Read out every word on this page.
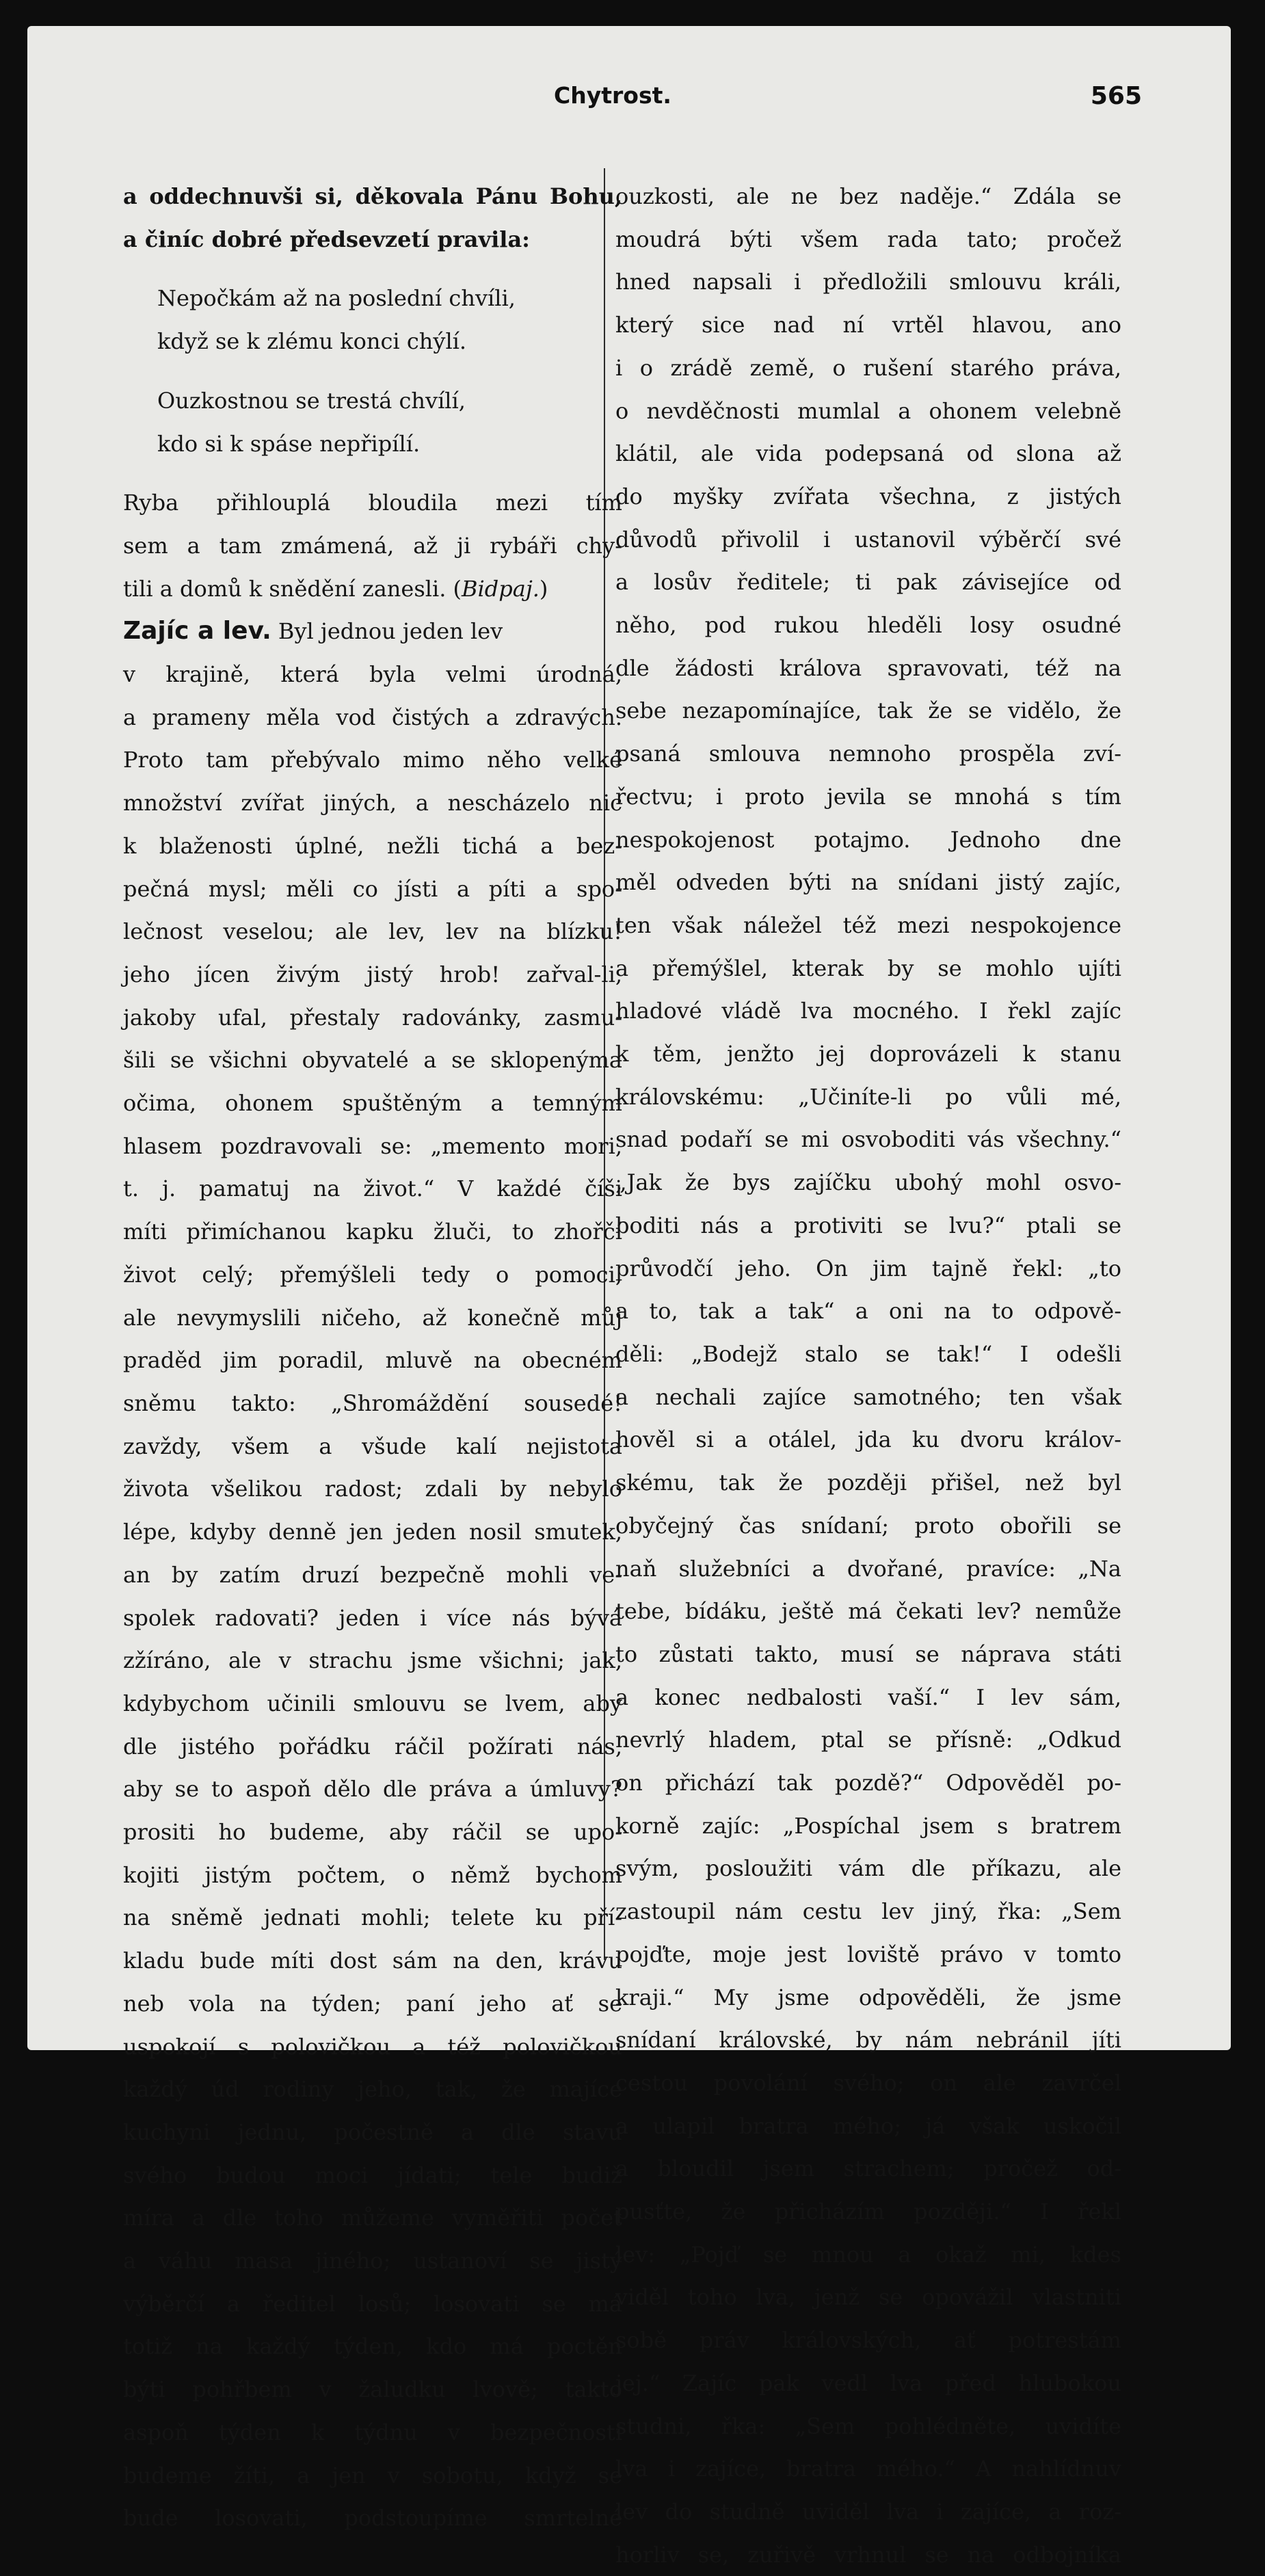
Chytrost.	565
a oddechnuvši si, děkovala Pánu Bohu,
a činíc dobré předsevzetí pravila:
Nepočkám až na poslední chvíli,
když se k zlému konci chýlí.
Ouzkostnou se trestá chvílí,
kdo si k spáse nepřipílí.
Ryba přihlouplá bloudila mezi tím
sem a tam zmámená, až ji rybáři chy-
tili a domů k snědění zanesli. (Bidpaj.)
Zajíc a lev. Byl jednou jeden lev
v krajině, která byla velmi úrodná,
a prameny měla vod čistých a zdravých.
Proto tam přebývalo mimo něho velké
množství zvířat jiných, a nescházelo nic
k blaženosti úplné, nežli tichá a bez-
pečná mysl; měli co jísti a píti a spo-
lečnost veselou; ale lev, lev na blízku!
jeho jícen živým jistý hrob! zařval-li,
jakoby ufal, přestaly radovánky, zasmu-
šili se všichni obyvatelé a se sklopenýma
očima, ohonem spuštěným a temným
hlasem pozdravovali se: „memento mori,
t. j. pamatuj na život.“ V každé číši
míti přimíchanou kapku žluči, to zhořčí
život celý; přemýšleli tedy o pomoci,
ale nevymyslili ničeho, až konečně můj
praděd jim poradil, mluvě na obecném
sněmu takto: „Shromáždění sousedé!
zavždy, všem a všude kalí nejistota
života všelikou radost; zdali by nebylo
lépe, kdyby denně jen jeden nosil smutek,
an by zatím druzí bezpečně mohli ve-
spolek radovati? jeden i více nás bývá
zžíráno, ale v strachu jsme všichni; jak,
kdybychom učinili smlouvu se lvem, aby
dle jistého pořádku ráčil požírati nás,
aby se to aspoň dělo dle práva a úmluvy?
prositi ho budeme, aby ráčil se upo-
kojiti jistým počtem, o němž bychom
na sněmě jednati mohli; telete ku pří-
kladu bude míti dost sám na den, krávu
neb vola na týden; paní jeho ať se
uspokojí s polovičkou a též polovičkou
každý úd rodiny jeho, tak, že majíce
kuchyni jednu, počestně a dle stavu
svého budou moci jídati; tele budiž
míra a dle toho můžeme vyměřiti počet
a váhu masa jiného; ustanoví se jistý
výběrčí a ředitel losů; losovati se má
totiž na každý týden, kdo má poctěn
býti pohřbem v žaludku lvově; takto
aspoň týden k týdnu v bezpečnosti
budeme žíti, a jen v sobotu, když se
bude losovati, podstoupíme smrtelné
ouzkosti, ale ne bez naděje.“ Zdála se
moudrá býti všem rada tato; pročež
hned napsali i předložili smlouvu králi,
který sice nad ní vrtěl hlavou, ano
i o zrádě země, o rušení starého práva,
o nevděčnosti mumlal a ohonem velebně
klátil, ale vida podepsaná od slona až
do myšky zvířata všechna, z jistých
důvodů přivolil i ustanovil výběrčí své
a losův ředitele; ti pak závisejíce od
něho, pod rukou hleděli losy osudné
dle žádosti králova spravovati, též na
sebe nezapomínajíce, tak že se vidělo, že
psaná smlouva nemnoho prospěla zví-
řectvu; i proto jevila se mnohá s tím
nespokojenost potajmo. Jednoho dne
měl odveden býti na snídani jistý zajíc,
ten však náležel též mezi nespokojence
a přemýšlel, kterak by se mohlo ujíti
hladové vládě lva mocného. I řekl zajíc
k těm, jenžto jej doprovázeli k stanu
královskému: „Učiníte-li po vůli mé,
snad podaří se mi osvoboditi vás všechny.“
„Jak že bys zajíčku ubohý mohl osvo-
boditi nás a protiviti se lvu?“ ptali se
průvodčí jeho. On jim tajně řekl: „to
a to, tak a tak“ a oni na to odpově-
děli: „Bodejž stalo se tak!“ I odešli
a nechali zajíce samotného; ten však
hověl si a otálel, jda ku dvoru králov-
skému, tak že později přišel, než byl
obyčejný čas snídaní; proto obořili se
naň služebníci a dvořané, pravíce: „Na
tebe, bídáku, ještě má čekati lev? nemůže
to zůstati takto, musí se náprava státi
a konec nedbalosti vaší.“ I lev sám,
nevrlý hladem, ptal se přísně: „Odkud
on přichází tak pozdě?“ Odpověděl po-
korně zajíc: „Pospíchal jsem s bratrem
svým, posloužiti vám dle příkazu, ale
zastoupil nám cestu lev jiný, řka: „Sem
pojďte, moje jest loviště právo v tomto
kraji.“ My jsme odpověděli, že jsme
snídaní královské, by nám nebránil jíti
cestou povolání svého; on ale zavrčel
a ulapil bratra mého; já však uskočil
a bloudil jsem strachem; pročež od-
pusťte, že přicházím později.“ I řekl
lev: „Pojď se mnou a okaž mi, kdes
viděl toho lva, jenž se opovážil vlastniti
sobě práv královských, ať potrestám
jej.“ Zajíc pak vedl lva před hlubokou
studni, řka: „Sem pohlédněte, uvidíte
lva i zajíce, bratra mého.“ A nahlídnuv
lev do studně uviděl lva i zajíce, a roz-
horliv se, zuřivě vrhnul se na odbojníka
